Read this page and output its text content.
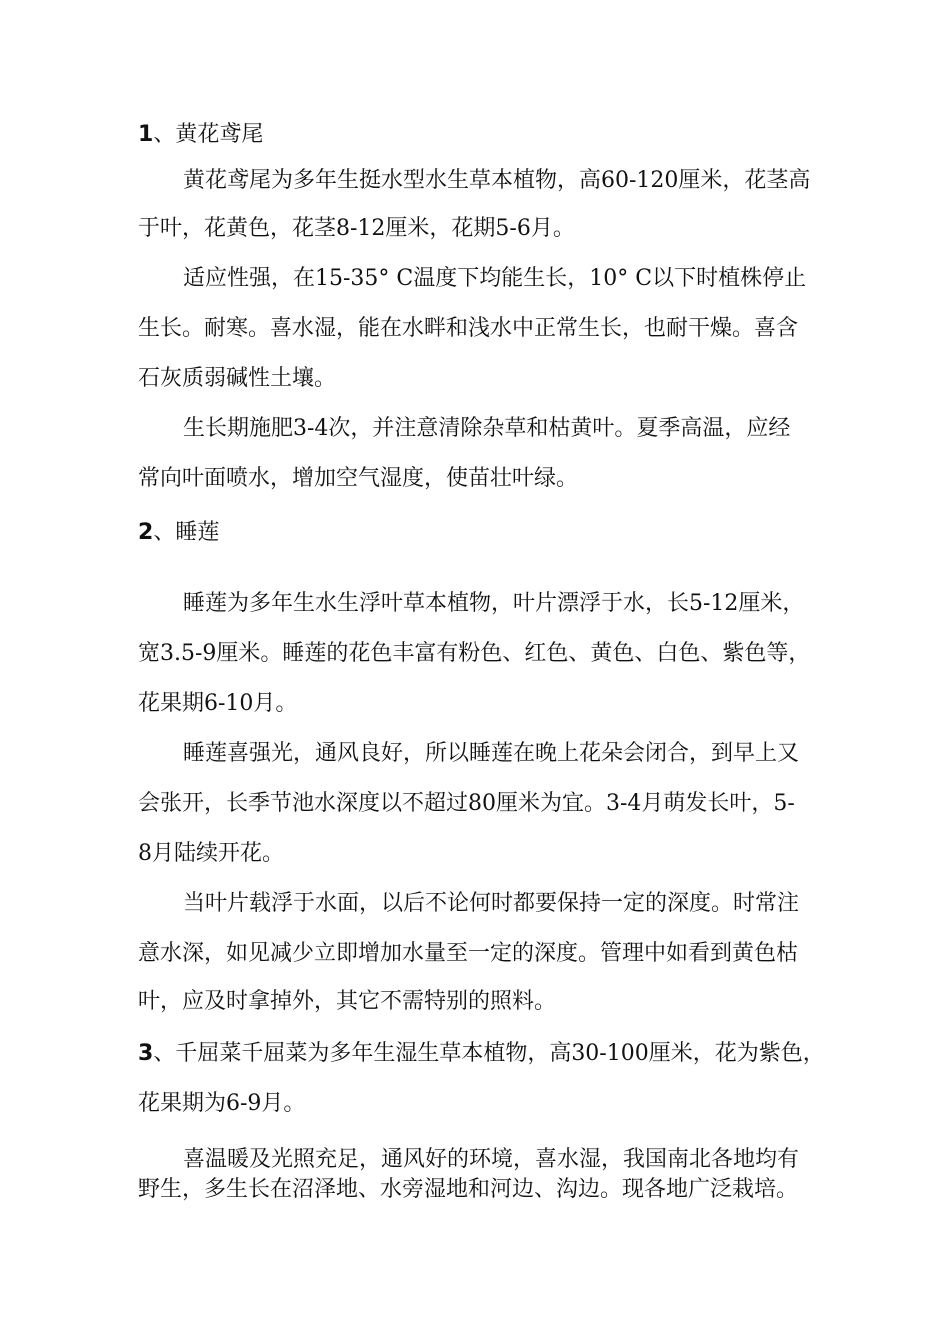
1、黄花鸢尾
黄花鸢尾为多年生挺水型水生草本植物，高60-120厘米，花茎高
于叶，花黄色，花茎8-12厘米，花期5-6月。
适应性强，在15-35° C温度下均能生长，10° C以下时植株停止
生长。耐寒。喜水湿，能在水畔和浅水中正常生长，也耐干燥。喜含
石灰质弱碱性土壤。
生长期施肥3-4次，并注意清除杂草和枯黄叶。夏季高温，应经
常向叶面喷水，增加空气湿度，使苗壮叶绿。
2、睡莲
睡莲为多年生水生浮叶草本植物，叶片漂浮于水，长5-12厘米，
宽3.5-9厘米。睡莲的花色丰富有粉色、红色、黄色、白色、紫色等，
花果期6-10月。
睡莲喜强光，通风良好，所以睡莲在晚上花朵会闭合，到早上又
会张开，长季节池水深度以不超过80厘米为宜。3-4月萌发长叶，5-
8月陆续开花。
当叶片载浮于水面，以后不论何时都要保持一定的深度。时常注
意水深，如见减少立即增加水量至一定的深度。管理中如看到黄色枯
叶，应及时拿掉外，其它不需特别的照料。
3、千屈菜千屈菜为多年生湿生草本植物，高30-100厘米，花为紫色，
花果期为6-9月。
喜温暖及光照充足，通风好的环境，喜水湿，我国南北各地均有
野生，多生长在沼泽地、水旁湿地和河边、沟边。现各地广泛栽培。
